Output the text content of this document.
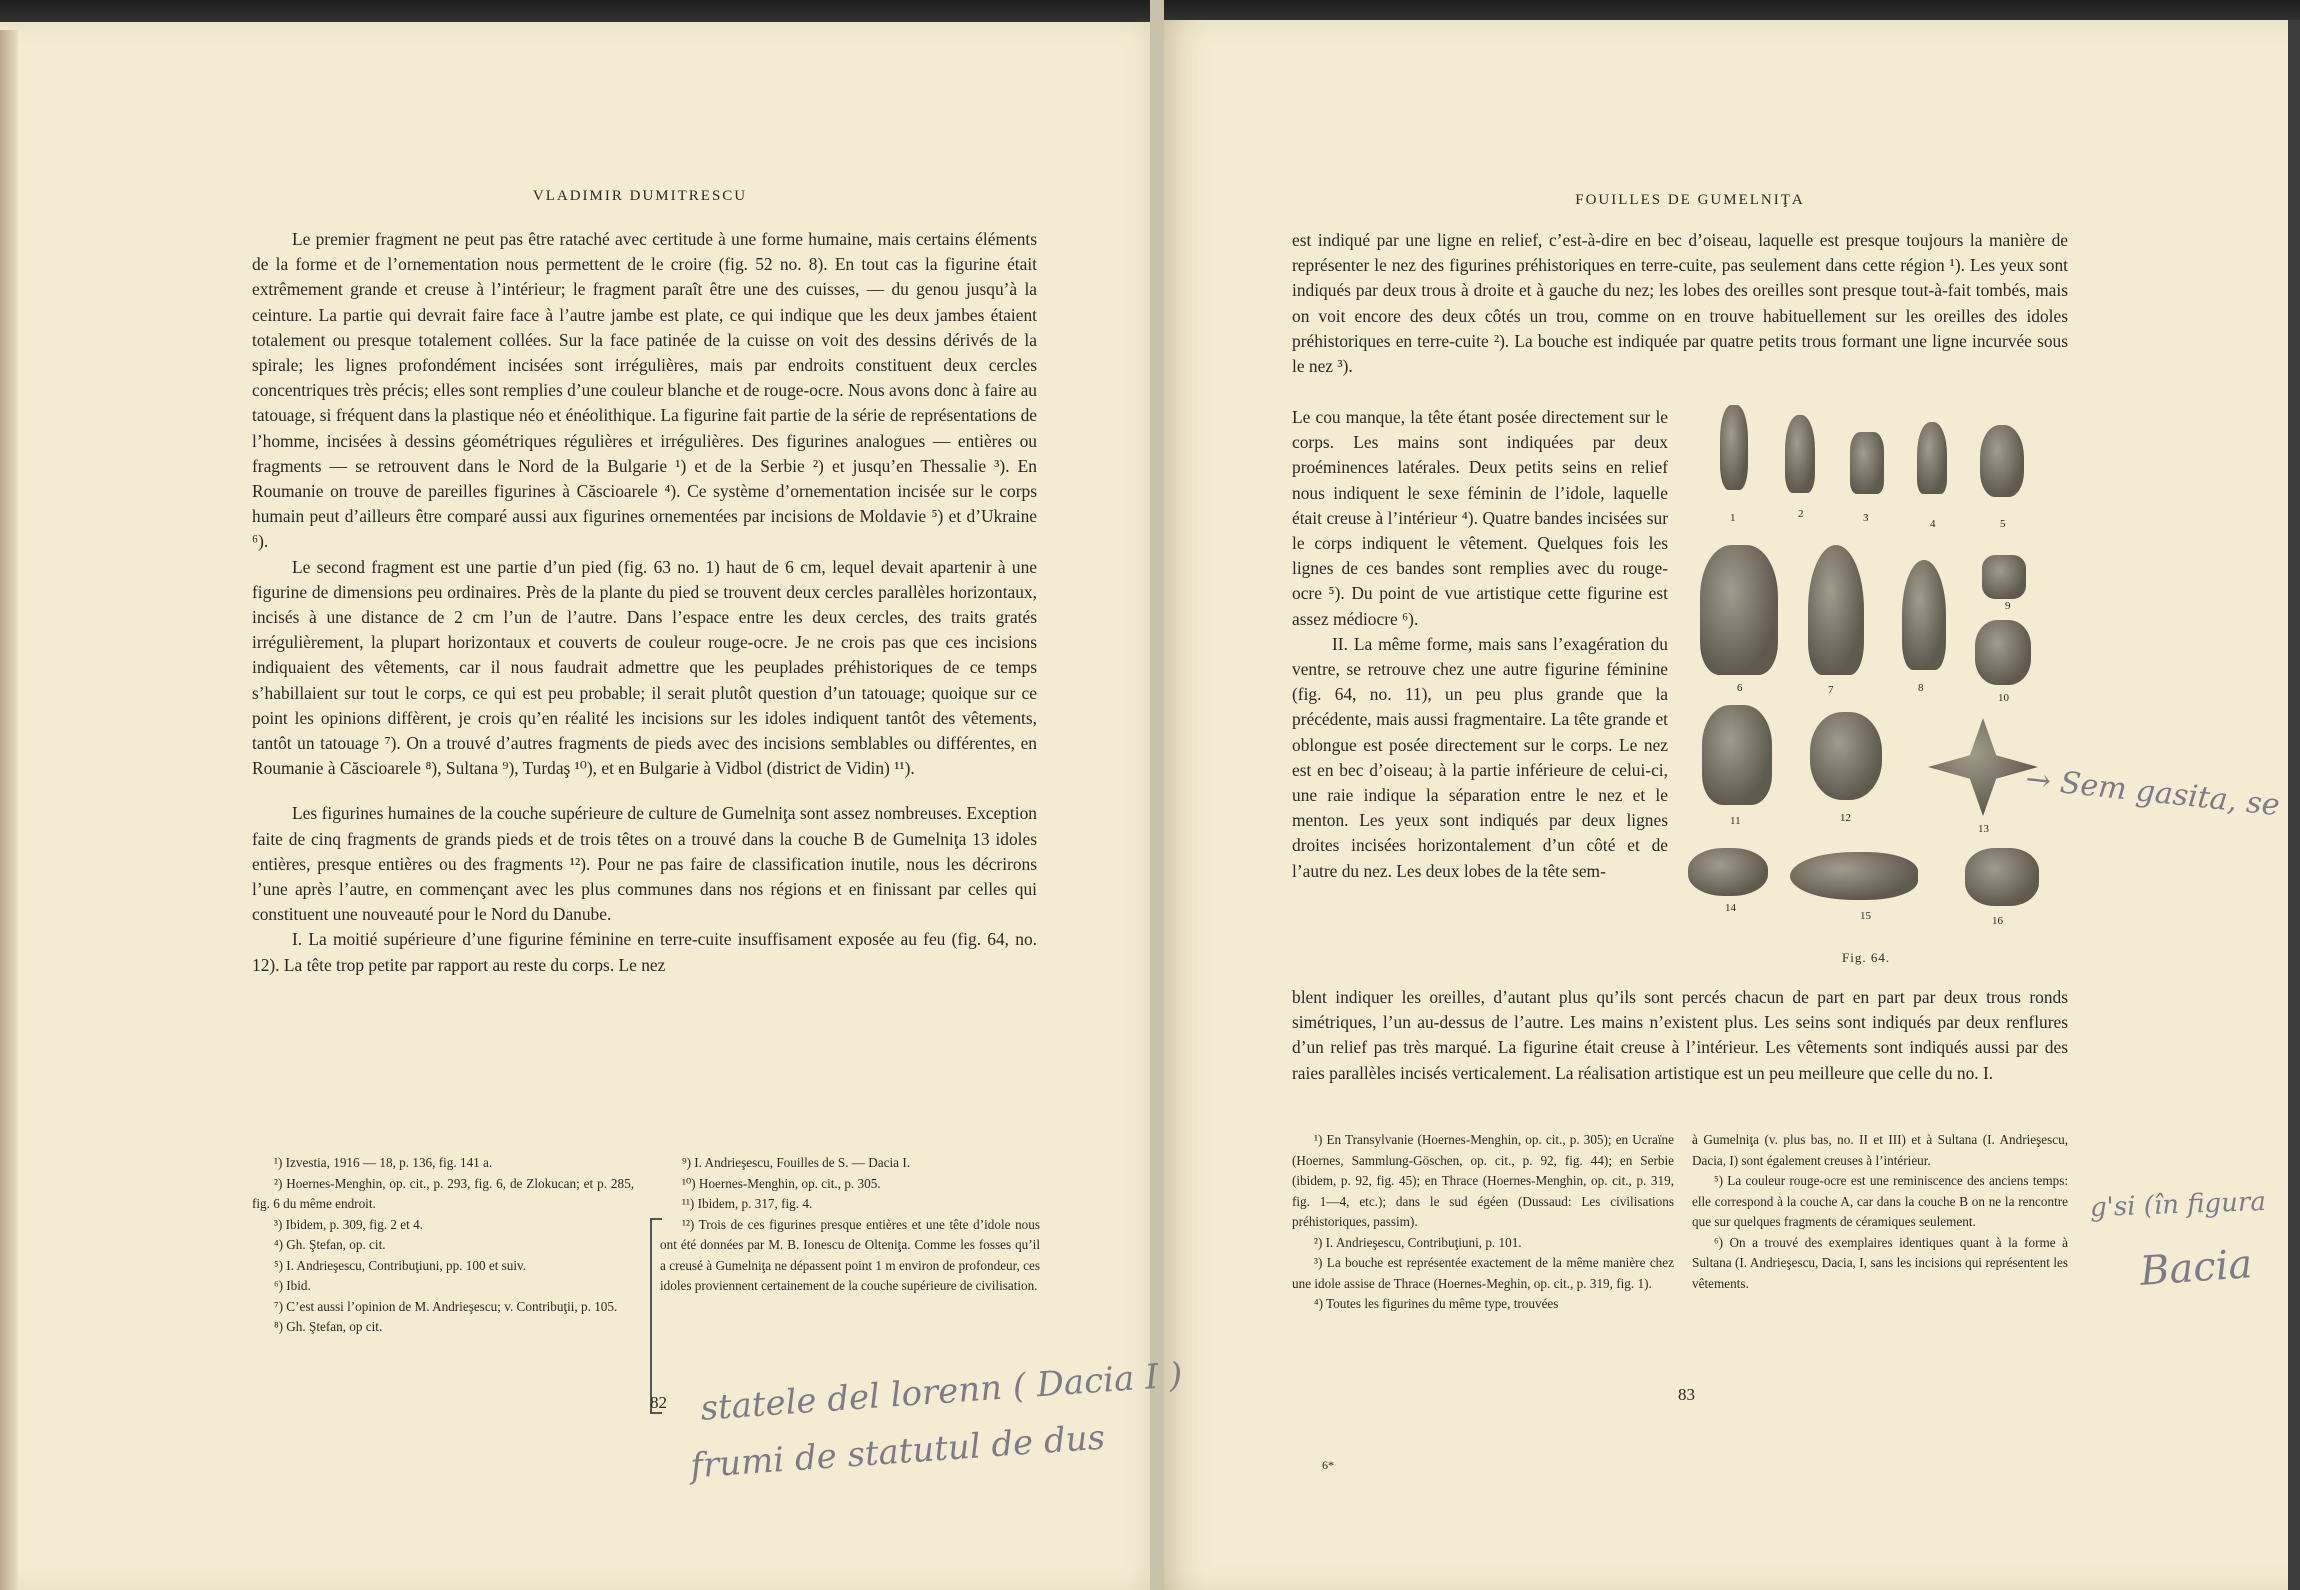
VLADIMIR DUMITRESCU

Le premier fragment ne peut pas être rataché avec certitude à une forme humaine, mais certains éléments de la forme et de l’ornementation nous permettent de le croire (fig. 52 no. 8). En tout cas la figurine était extrêmement grande et creuse à l’intérieur; le fragment paraît être une des cuisses, — du genou jusqu’à la ceinture. La partie qui devrait faire face à l’autre jambe est plate, ce qui indique que les deux jambes étaient totalement ou presque totalement collées. Sur la face patinée de la cuisse on voit des dessins dérivés de la spirale; les lignes profondément incisées sont irrégulières, mais par endroits constituent deux cercles concentriques très précis; elles sont remplies d’une couleur blanche et de rouge-ocre. Nous avons donc à faire au tatouage, si fréquent dans la plastique néo et énéolithique. La figurine fait partie de la série de représentations de l’homme, incisées à dessins géométriques régulières et irrégulières. Des figurines analogues — entières ou fragments — se retrouvent dans le Nord de la Bulgarie ¹) et de la Serbie ²) et jusqu’en Thessalie ³). En Roumanie on trouve de pareilles figurines à Căscioarele ⁴). Ce système d’ornementation incisée sur le corps humain peut d’ailleurs être comparé aussi aux figurines ornementées par incisions de Moldavie ⁵) et d’Ukraine ⁶).

Le second fragment est une partie d’un pied (fig. 63 no. 1) haut de 6 cm, lequel devait apartenir à une figurine de dimensions peu ordinaires. Près de la plante du pied se trouvent deux cercles parallèles horizontaux, incisés à une distance de 2 cm l’un de l’autre. Dans l’espace entre les deux cercles, des traits gratés irrégulièrement, la plupart horizontaux et couverts de couleur rouge-ocre. Je ne crois pas que ces incisions indiquaient des vêtements, car il nous faudrait admettre que les peuplades préhistoriques de ce temps s’habillaient sur tout le corps, ce qui est peu probable; il serait plutôt question d’un tatouage; quoique sur ce point les opinions diffèrent, je crois qu’en réalité les incisions sur les idoles indiquent tantôt des vêtements, tantôt un tatouage ⁷). On a trouvé d’autres fragments de pieds avec des incisions semblables ou différentes, en Roumanie à Căscioarele ⁸), Sultana ⁹), Turdaş ¹⁰), et en Bulgarie à Vidbol (district de Vidin) ¹¹).

Les figurines humaines de la couche supérieure de culture de Gumelniţa sont assez nombreuses. Exception faite de cinq fragments de grands pieds et de trois têtes on a trouvé dans la couche B de Gumelniţa 13 idoles entières, presque entières ou des fragments ¹²). Pour ne pas faire de classification inutile, nous les décrirons l’une après l’autre, en commençant avec les plus communes dans nos régions et en finissant par celles qui constituent une nouveauté pour le Nord du Danube.

I. La moitié supérieure d’une figurine féminine en terre-cuite insuffisament exposée au feu (fig. 64, no. 12). La tête trop petite par rapport au reste du corps. Le nez

¹) Izvestia, 1916 — 18, p. 136, fig. 141 a.

²) Hoernes-Menghin, op. cit., p. 293, fig. 6, de Zlokucan; et p. 285, fig. 6 du même endroit.

³) Ibidem, p. 309, fig. 2 et 4.

⁴) Gh. Ştefan, op. cit.

⁵) I. Andrieşescu, Contribuţiuni, pp. 100 et suiv.

⁶) Ibid.

⁷) C’est aussi l’opinion de M. Andrieşescu; v. Contribuţii, p. 105.

⁸) Gh. Ştefan, op cit.

⁹) I. Andrieşescu, Fouilles de S. — Dacia I.

¹⁰) Hoernes-Menghin, op. cit., p. 305.

¹¹) Ibidem, p. 317, fig. 4.

¹²) Trois de ces figurines presque entières et une tête d’idole nous ont été données par M. B. Ionescu de Olteniţa. Comme les fosses qu’il a creusé à Gumelniţa ne dépassent point 1 m environ de profondeur, ces idoles proviennent certainement de la couche supérieure de civilisation.

82 statele del lorenn ( Dacia I )
frumi de statutul de dus
FOUILLES DE GUMELNIŢA

est indiqué par une ligne en relief, c’est-à-dire en bec d’oiseau, laquelle est presque toujours la manière de représenter le nez des figurines préhistoriques en terre-cuite, pas seulement dans cette région ¹). Les yeux sont indiqués par deux trous à droite et à gauche du nez; les lobes des oreilles sont presque tout-à-fait tombés, mais on voit encore des deux côtés un trou, comme on en trouve habituellement sur les oreilles des idoles préhistoriques en terre-cuite ²). La bouche est indiquée par quatre petits trous formant une ligne incurvée sous le nez ³).

Le cou manque, la tête étant posée directement sur le corps. Les mains sont indiquées par deux proéminences latérales. Deux petits seins en relief nous indiquent le sexe féminin de l’idole, laquelle était creuse à l’intérieur ⁴). Quatre bandes incisées sur le corps indiquent le vêtement. Quelques fois les lignes de ces bandes sont remplies avec du rouge-ocre ⁵). Du point de vue artistique cette figurine est assez médiocre ⁶).

II. La même forme, mais sans l’exagération du ventre, se retrouve chez une autre figurine féminine (fig. 64, no. 11), un peu plus grande que la précédente, mais aussi fragmentaire. La tête grande et oblongue est posée directement sur le corps. Le nez est en bec d’oiseau; à la partie inférieure de celui-ci, une raie indique la séparation entre le nez et le menton. Les yeux sont indiqués par deux lignes droites incisées horizontalement d’un côté et de l’autre du nez. Les deux lobes de la tête sem-

blent indiquer les oreilles, d’autant plus qu’ils sont percés chacun de part en part par deux trous ronds simétriques, l’un au-dessus de l’autre. Les mains n’existent plus. Les seins sont indiqués par deux renflures d’un relief pas très marqué. La figurine était creuse à l’intérieur. Les vêtements sont indiqués aussi par des raies parallèles incisés verticalement. La réalisation artistique est un peu meilleure que celle du no. I.

1	2	3	4	5
6	7	8
9
10
11	12
13
14
15	16
Fig. 64.
→ Sem gasita, se

¹) En Transylvanie (Hoernes-Menghin, op. cit., p. 305); en Ucraïne (Hoernes, Sammlung-Göschen, op. cit., p. 92, fig. 44); en Serbie (ibidem, p. 92, fig. 45); en Thrace (Hoernes-Menghin, op. cit., p. 319, fig. 1—4, etc.); dans le sud égéen (Dussaud: Les civilisations préhistoriques, passim).

²) I. Andrieşescu, Contribuţiuni, p. 101.

³) La bouche est représentée exactement de la même manière chez une idole assise de Thrace (Hoernes-Meghin, op. cit., p. 319, fig. 1).

⁴) Toutes les figurines du même type, trouvées

à Gumelniţa (v. plus bas, no. II et III) et à Sultana (I. Andrieşescu, Dacia, I) sont également creuses à l’intérieur.

⁵) La couleur rouge-ocre est une reminiscence des anciens temps: elle correspond à la couche A, car dans la couche B on ne la rencontre que sur quelques fragments de céramiques seulement.

⁶) On a trouvé des exemplaires identiques quant à la forme à Sultana (I. Andrieşescu, Dacia, I, sans les incisions qui représentent les vêtements.

g'si (în figura
Bacia
83
6*
